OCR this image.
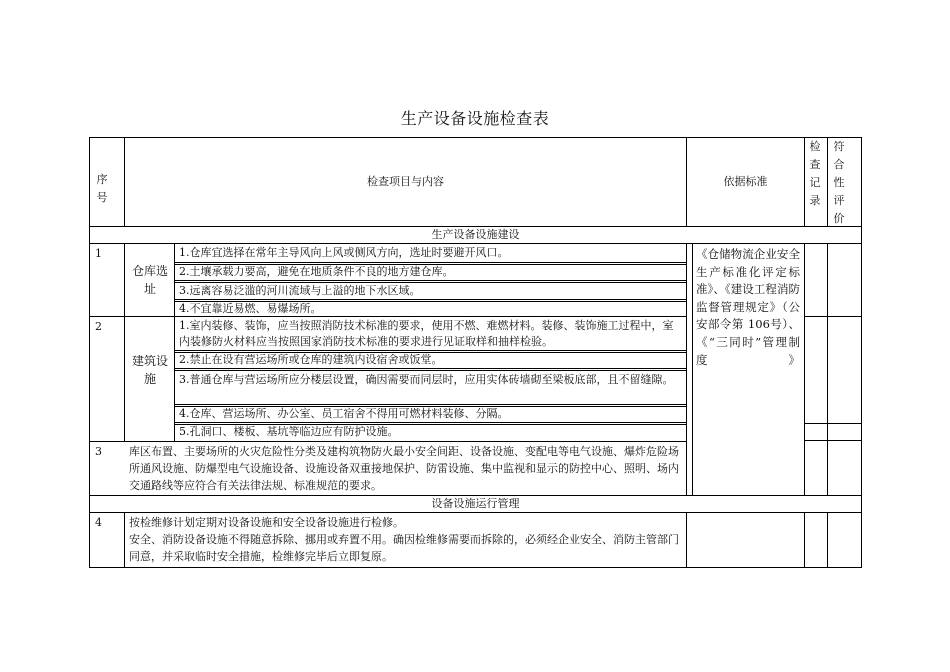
生产设备设施检查表
序号
检查项目与内容	依据标准
检查记录
符合性评价
生产设备设施建设
1
仓库选址
1.仓库宜选择在常年主导风向上风或侧风方向，选址时要避开风口。
2.土壤承载力要高，避免在地质条件不良的地方建仓库。
3.远离容易泛滥的河川流域与上溢的地下水区域。
4.不宜靠近易燃、易爆场所。
2
建筑设施
1.室内装修、装饰，应当按照消防技术标准的要求，使用不燃、难燃材料。装修、装饰施工过程中，室内装修防火材料应当按照国家消防技术标准的要求进行见证取样和抽样检验。
2.禁止在设有营运场所或仓库的建筑内设宿舍或饭堂。
3.普通仓库与营运场所应分楼层设置，确因需要而同层时，应用实体砖墙砌至梁板底部，且不留缝隙。
4.仓库、营运场所、办公室、员工宿舍不得用可燃材料装修、分隔。
5.孔洞口、楼板、基坑等临边应有防护设施。
《仓储物流企业安全生产标准化评定标准》、《建设工程消防监督管理规定》（公安部令第 106号）、《“三同时”管理制度》
3 库区布置、主要场所的火灾危险性分类及建构筑物防火最小安全间距、设备设施、变配电等电气设施、爆炸危险场所通风设施、防爆型电气设施设备、设施设备双重接地保护、防雷设施、集中监视和显示的防控中心、照明、场内交通路线等应符合有关法律法规、标准规范的要求。
设备设施运行管理
4 按检维修计划定期对设备设施和安全设备设施进行检修。
安全、消防设备设施不得随意拆除、挪用或弃置不用。确因检维修需要而拆除的，必须经企业安全、消防主管部门同意，并采取临时安全措施，检维修完毕后立即复原。
